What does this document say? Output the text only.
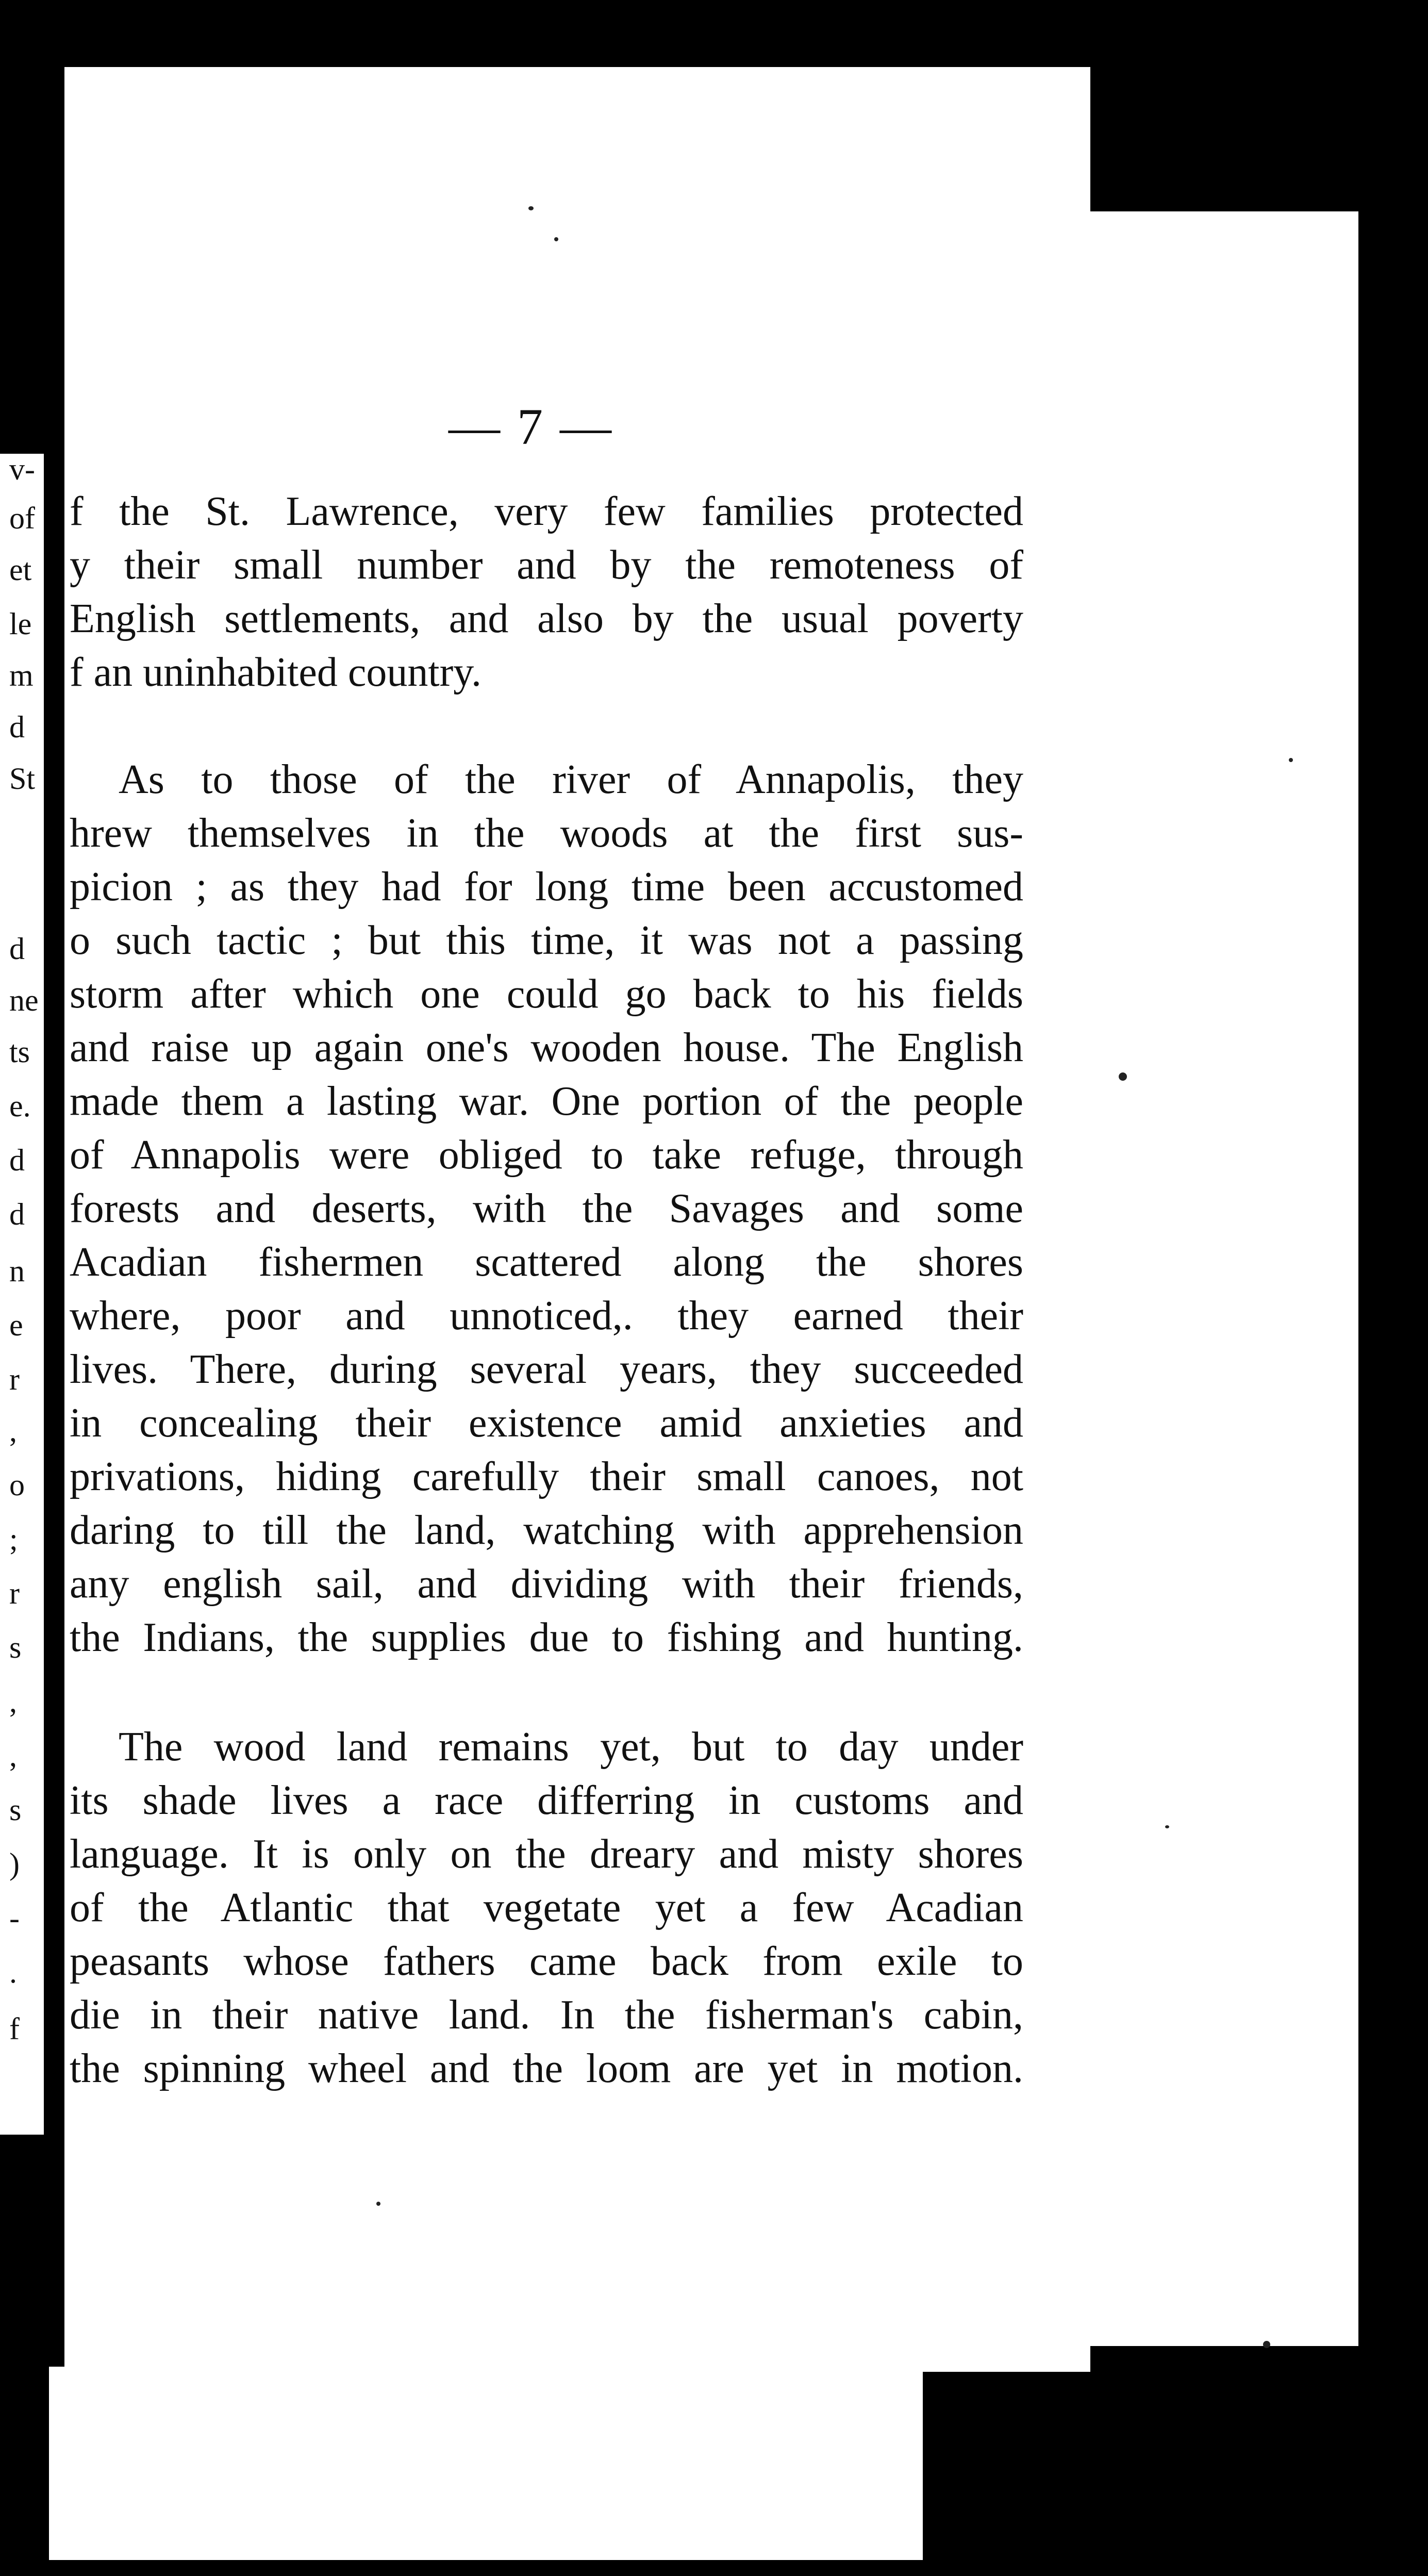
v-
of
et
le
m
d
St
d
ne
ts
e.
d
d
n
e
r
,
o
;
r
s
,
,
s
)
-
.
f
— 7 —
f the St. Lawrence, very few families protected
y their small number and by the remoteness of
English settlements, and also by the usual poverty
f an uninhabited country.
As to those of the river of Annapolis, they
hrew themselves in the woods at the first sus-
picion ; as they had for long time been accustomed
o such tactic ; but this time, it was not a passing
storm after which one could go back to his fields
and raise up again one's wooden house. The English
made them a lasting war. One portion of the people
of Annapolis were obliged to take refuge, through
forests and deserts, with the Savages and some
Acadian fishermen scattered along the shores
where, poor and unnoticed,. they earned their
lives. There, during several years, they succeeded
in concealing their existence amid anxieties and
privations, hiding carefully their small canoes, not
daring to till the land, watching with apprehension
any english sail, and dividing with their friends,
the Indians, the supplies due to fishing and hunting.
The wood land remains yet, but to day under
its shade lives a race differring in customs and
language. It is only on the dreary and misty shores
of the Atlantic that vegetate yet a few Acadian
peasants whose fathers came back from exile to
die in their native land. In the fisherman's cabin,
the spinning wheel and the loom are yet in motion.
